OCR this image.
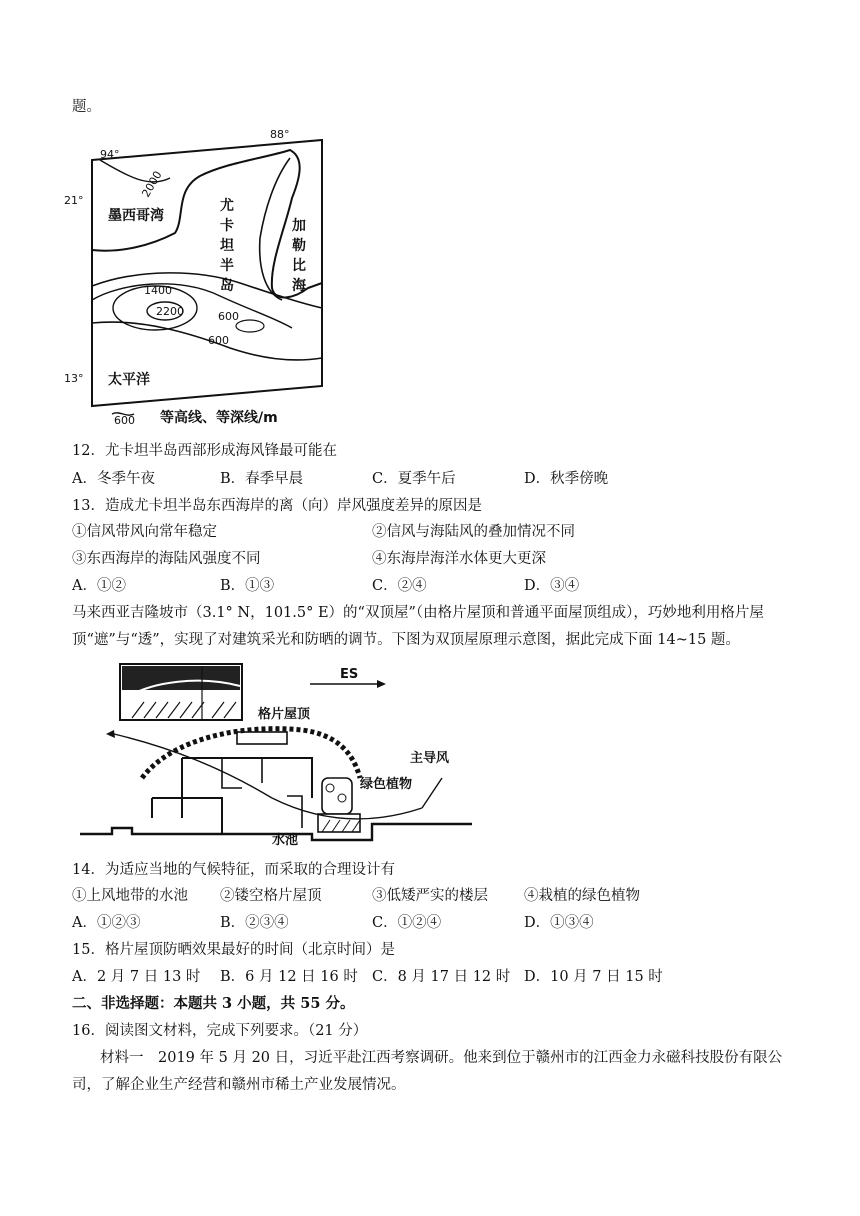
题。
94°
88°
21°
13°
墨西哥湾
2000
尤
卡
坦
半
岛
加
勒
比
海
1400
2200	600
600
太平洋
600 等高线、等深线/m
12．尤卡坦半岛西部形成海风锋最可能在
A．冬季午夜	B．春季早晨	C．夏季午后	D．秋季傍晚
13．造成尤卡坦半岛东西海岸的离（向）岸风强度差异的原因是
①信风带风向常年稳定	②信风与海陆风的叠加情况不同
③东西海岸的海陆风强度不同	④东海岸海洋水体更大更深
A．①②	B．①③	C．②④	D．③④
马来西亚吉隆坡市（3.1° N，101.5° E）的“双顶屋”（由格片屋顶和普通平面屋顶组成），巧妙地利用格片屋
顶“遮”与“透”，实现了对建筑采光和防晒的调节。下图为双顶屋原理示意图，据此完成下面 14~15 题。
ES
格片屋顶
主导风
绿色植物
水池
14．为适应当地的气候特征，而采取的合理设计有
①上风地带的水池 ②镂空格片屋顶	③低矮严实的楼层 ④栽植的绿色植物
A．①②③	B．②③④	C．①②④	D．①③④
15．格片屋顶防晒效果最好的时间（北京时间）是
A．2 月 7 日 13 时 B．6 月 12 日 16 时 C．8 月 17 日 12 时 D．10 月 7 日 15 时
二、非选择题：本题共 3 小题，共 55 分。
16．阅读图文材料，完成下列要求。（21 分）
材料一　2019 年 5 月 20 日，习近平赴江西考察调研。他来到位于赣州市的江西金力永磁科技股份有限公
司，了解企业生产经营和赣州市稀土产业发展情况。
